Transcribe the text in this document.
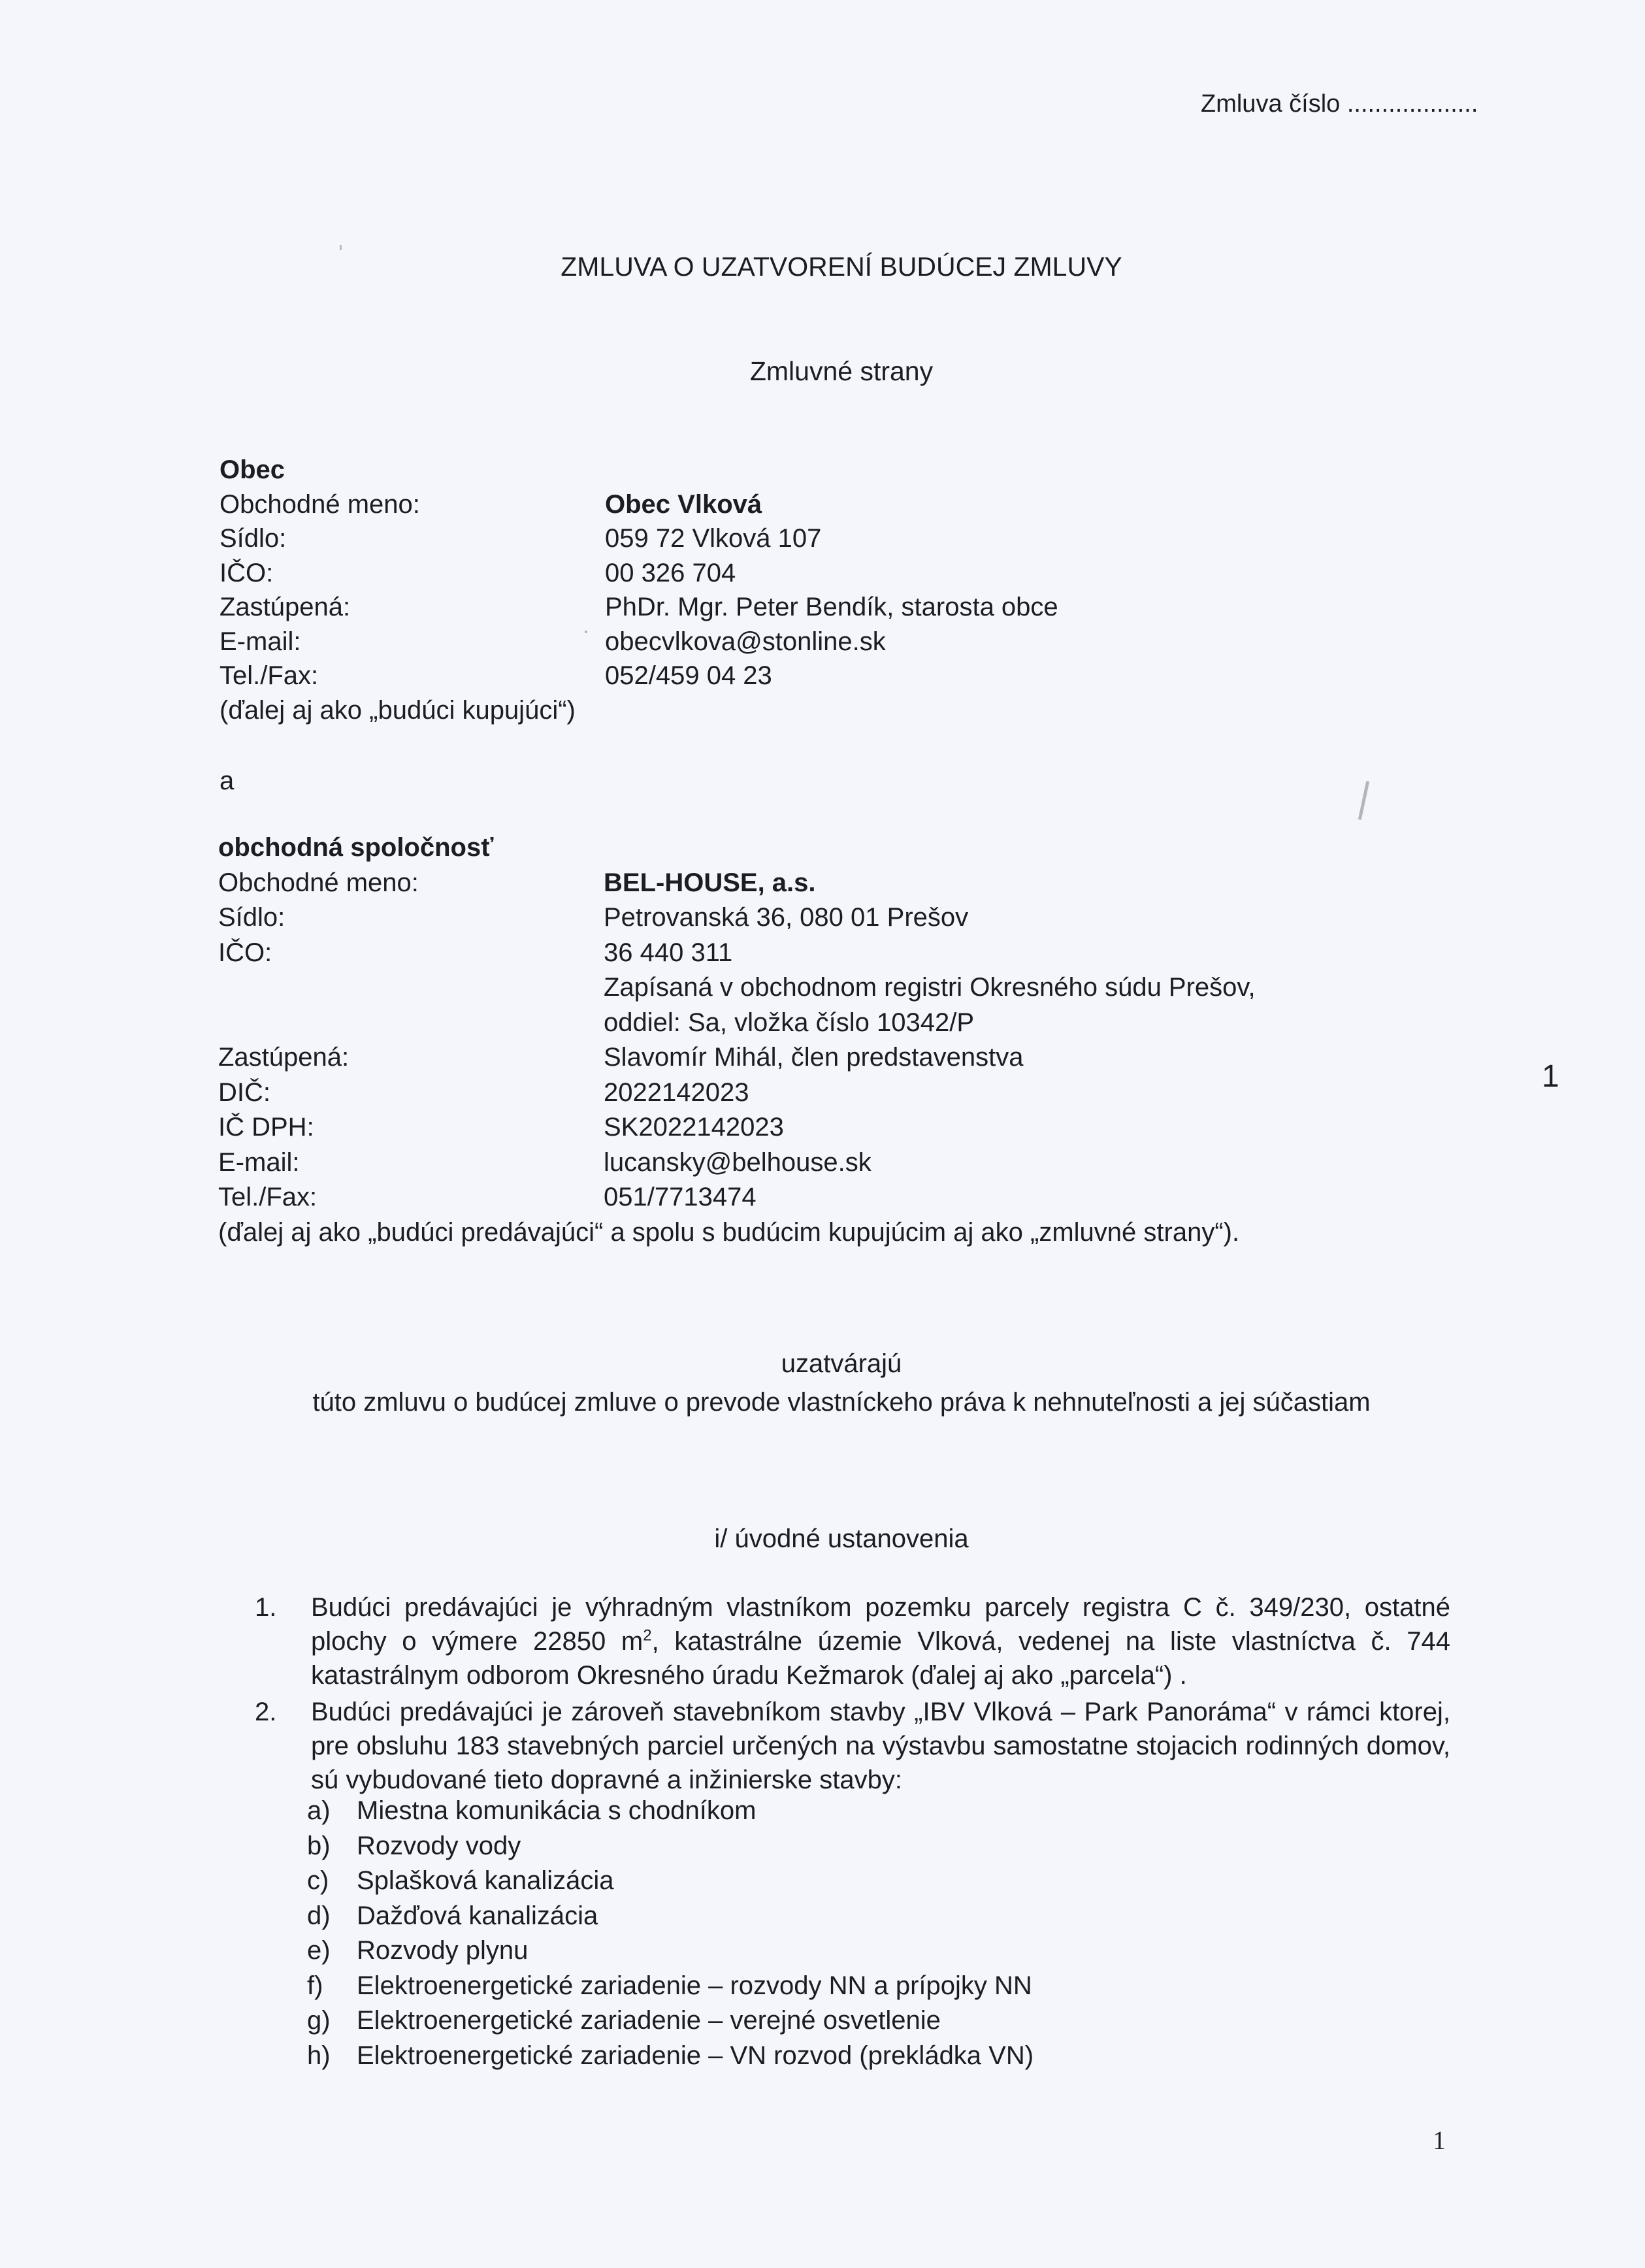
Zmluva číslo ...................
ZMLUVA O UZATVORENÍ BUDÚCEJ ZMLUVY
Zmluvné strany
Obec
Obchodné meno:	Obec Vlková
Sídlo:	059 72 Vlková 107
IČO:	00 326 704
Zastúpená:	PhDr. Mgr. Peter Bendík, starosta obce
E-mail:	obecvlkova@stonline.sk
Tel./Fax:	052/459 04 23
(ďalej aj ako „budúci kupujúci“)
a
obchodná spoločnosť
Obchodné meno:	BEL-HOUSE, a.s.
Sídlo:	Petrovanská 36, 080 01 Prešov
IČO:	36 440 311
Zapísaná v obchodnom registri Okresného súdu Prešov,
oddiel: Sa, vložka číslo 10342/P
Zastúpená:	Slavomír Mihál, člen predstavenstva
DIČ:	2022142023
IČ DPH:	SK2022142023
E-mail:	lucansky@belhouse.sk
Tel./Fax:	051/7713474
(ďalej aj ako „budúci predávajúci“ a spolu s budúcim kupujúcim aj ako „zmluvné strany“).
1
uzatvárajú
túto zmluvu o budúcej zmluve o prevode vlastníckeho práva k nehnuteľnosti a jej súčastiam
i/ úvodné ustanovenia
1. Budúci predávajúci je výhradným vlastníkom pozemku parcely registra C č. 349/230, ostatné plochy o výmere 22850 $m^2$, katastrálne územie Vlková, vedenej na liste vlastníctva č. 744 katastrálnym odborom Okresného úradu Kežmarok (ďalej aj ako „parcela“) .
2. Budúci predávajúci je zároveň stavebníkom stavby „IBV Vlková – Park Panoráma“ v rámci ktorej, pre obsluhu 183 stavebných parciel určených na výstavbu samostatne stojacich rodinných domov, sú vybudované tieto dopravné a inžinierske stavby:
a)	Miestna komunikácia s chodníkom
b)	Rozvody vody
c)	Splašková kanalizácia
d)	Dažďová kanalizácia
e)	Rozvody plynu
f)	Elektroenergetické zariadenie – rozvody NN a prípojky NN
g)	Elektroenergetické zariadenie – verejné osvetlenie
h)	Elektroenergetické zariadenie – VN rozvod (prekládka VN)
1
